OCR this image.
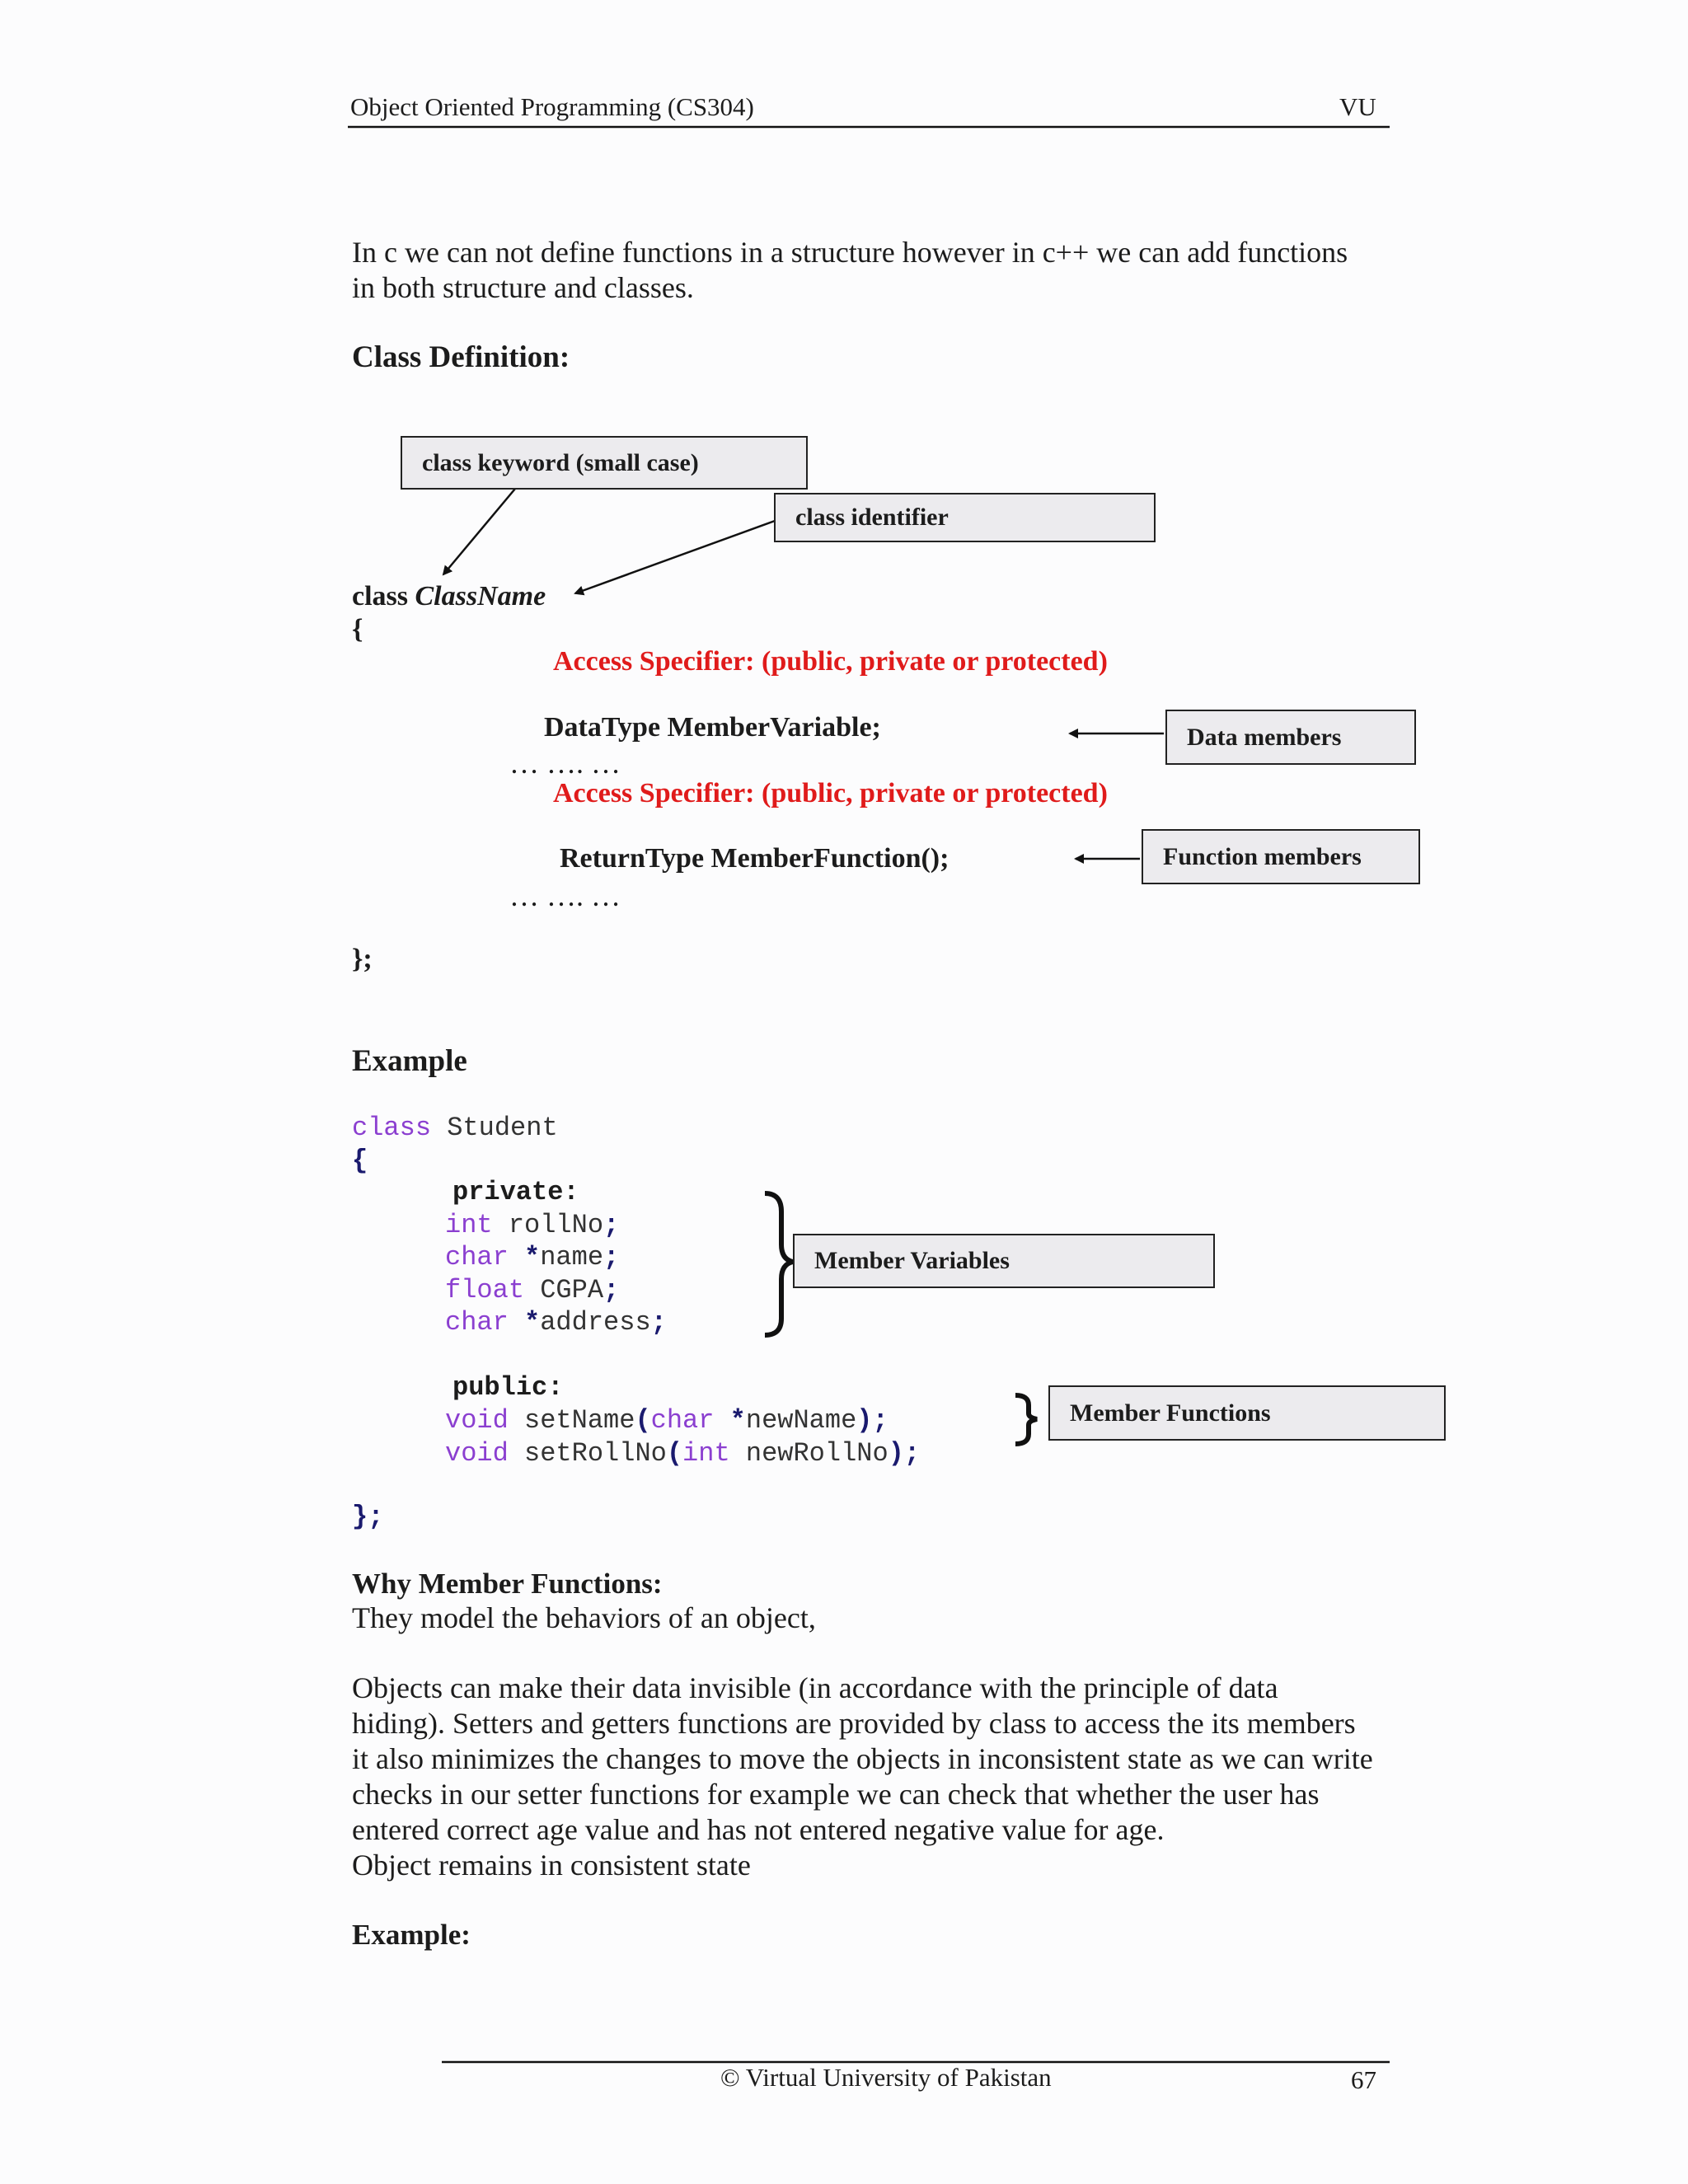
Object Oriented Programming (CS304)	VU
In c we can not define functions in a structure however in c++ we can add functions
in both structure and classes.
Class Definition:
class keyword (small case)
class identifier
class ClassName
{
Access Specifier: (public, private or protected)
DataType MemberVariable;
… …. …
Access Specifier: (public, private or protected)
ReturnType MemberFunction();
… …. …
};
Data members
Function members
Example
class Student
{
private:
int rollNo;
char *name;
float CGPA;
char *address;
Member Variables
public:
void setName(char *newName);
void setRollNo(int newRollNo);
Member Functions
};
Why Member Functions:
They model the behaviors of an object,
Objects can make their data invisible (in accordance with the principle of data
hiding). Setters and getters functions are provided by class to access the its members
it also minimizes the changes to move the objects in inconsistent state as we can write
checks in our setter functions for example we can check that whether the user has
entered correct age value and has not entered negative value for age.
Object remains in consistent state
Example:
© Virtual University of Pakistan	67
